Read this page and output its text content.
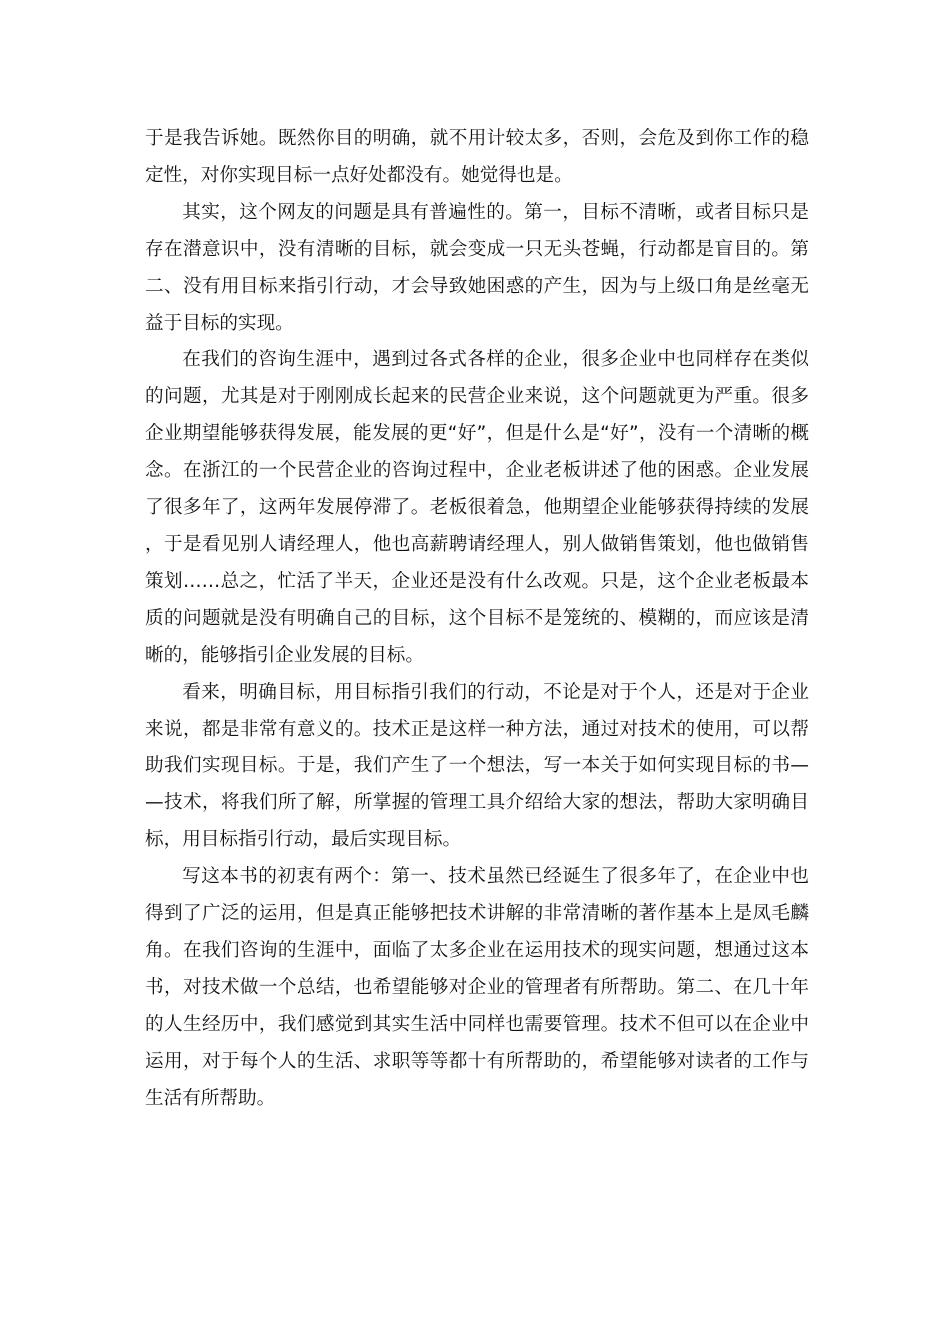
于是我告诉她。既然你目的明确，就不用计较太多，否则，会危及到你工作的稳定性，对你实现目标一点好处都没有。她觉得也是。

其实，这个网友的问题是具有普遍性的。第一，目标不清晰，或者目标只是存在潜意识中，没有清晰的目标，就会变成一只无头苍蝇，行动都是盲目的。第二、没有用目标来指引行动，才会导致她困惑的产生，因为与上级口角是丝毫无益于目标的实现。

在我们的咨询生涯中，遇到过各式各样的企业，很多企业中也同样存在类似的问题，尤其是对于刚刚成长起来的民营企业来说，这个问题就更为严重。很多企业期望能够获得发展，能发展的更“好”，但是什么是“好”，没有一个清晰的概念。在浙江的一个民营企业的咨询过程中，企业老板讲述了他的困惑。企业发展了很多年了，这两年发展停滞了。老板很着急，他期望企业能够获得持续的发展，于是看见别人请经理人，他也高薪聘请经理人，别人做销售策划，他也做销售策划……总之，忙活了半天，企业还是没有什么改观。只是，这个企业老板最本质的问题就是没有明确自己的目标，这个目标不是笼统的、模糊的，而应该是清晰的，能够指引企业发展的目标。

看来，明确目标，用目标指引我们的行动，不论是对于个人，还是对于企业来说，都是非常有意义的。技术正是这样一种方法，通过对技术的使用，可以帮助我们实现目标。于是，我们产生了一个想法，写一本关于如何实现目标的书——技术，将我们所了解，所掌握的管理工具介绍给大家的想法，帮助大家明确目标，用目标指引行动，最后实现目标。

写这本书的初衷有两个：第一、技术虽然已经诞生了很多年了，在企业中也得到了广泛的运用，但是真正能够把技术讲解的非常清晰的著作基本上是凤毛麟角。在我们咨询的生涯中，面临了太多企业在运用技术的现实问题，想通过这本书，对技术做一个总结，也希望能够对企业的管理者有所帮助。第二、在几十年的人生经历中，我们感觉到其实生活中同样也需要管理。技术不但可以在企业中运用，对于每个人的生活、求职等等都十有所帮助的，希望能够对读者的工作与生活有所帮助。
